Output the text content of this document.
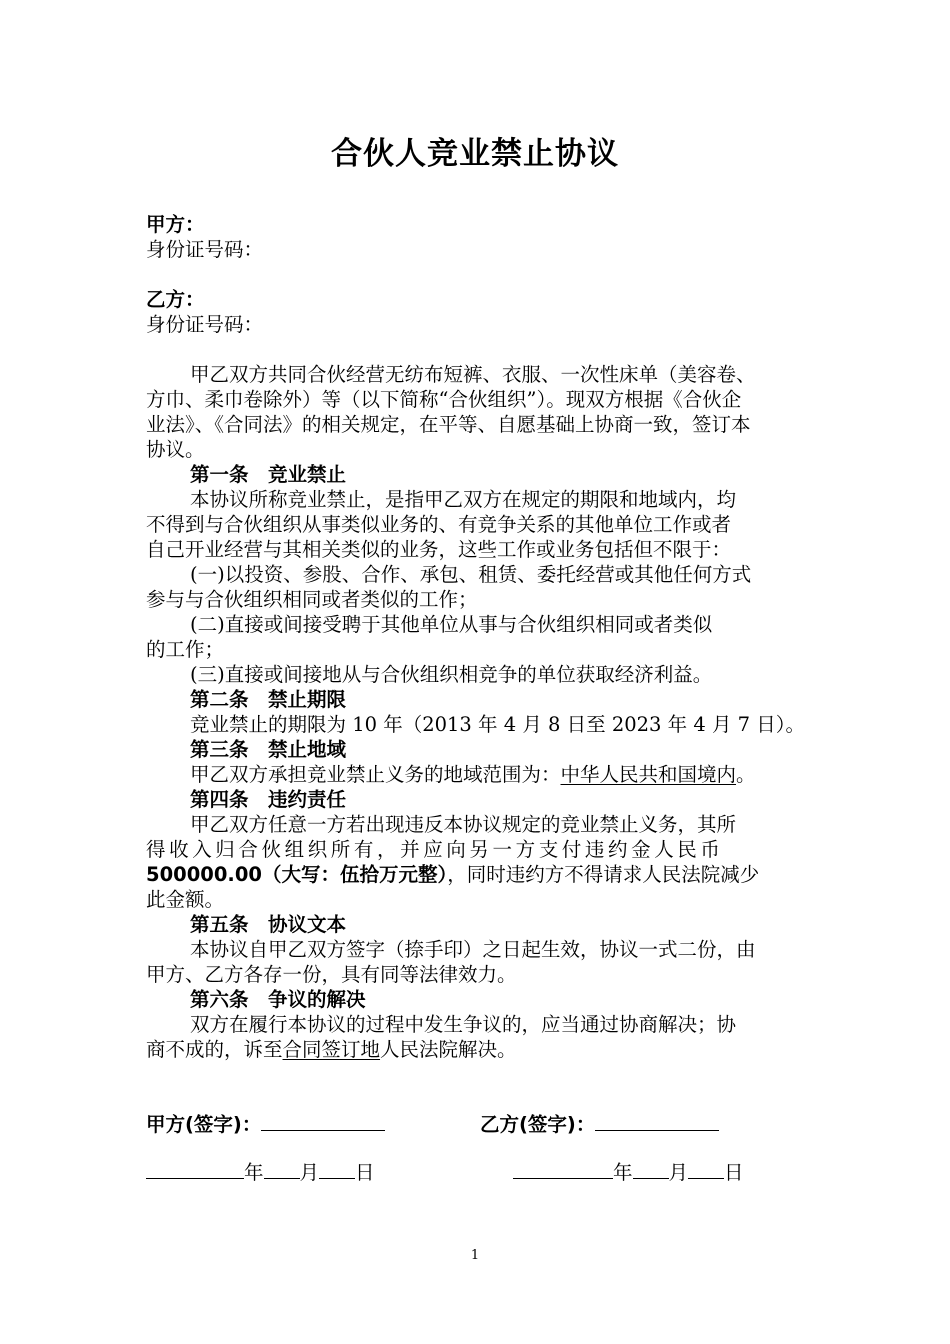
合伙人竞业禁止协议
甲方：
身份证号码：
乙方：
身份证号码：
甲乙双方共同合伙经营无纺布短裤、衣服、一次性床单（美容卷、
方巾、柔巾卷除外）等（以下简称“合伙组织”）。现双方根据《合伙企
业法》、《合同法》的相关规定，在平等、自愿基础上协商一致，签订本
协议。
第一条　竞业禁止
本协议所称竞业禁止，是指甲乙双方在规定的期限和地域内，均
不得到与合伙组织从事类似业务的、有竞争关系的其他单位工作或者
自己开业经营与其相关类似的业务，这些工作或业务包括但不限于：
(一)以投资、参股、合作、承包、租赁、委托经营或其他任何方式
参与与合伙组织相同或者类似的工作；
(二)直接或间接受聘于其他单位从事与合伙组织相同或者类似
的工作；
(三)直接或间接地从与合伙组织相竞争的单位获取经济利益。
第二条　禁止期限
竞业禁止的期限为 10 年（2013 年 4 月 8 日至 2023 年 4 月 7 日）。
第三条　禁止地域
甲乙双方承担竞业禁止义务的地域范围为：中华人民共和国境内。
第四条　违约责任
甲乙双方任意一方若出现违反本协议规定的竞业禁止义务，其所
得收入归合伙组织所有，并应向另一方支付违约金人民币
500000.00（大写：伍拾万元整），同时违约方不得请求人民法院减少
此金额。
第五条　协议文本
本协议自甲乙双方签字（捺手印）之日起生效，协议一式二份，由
甲方、乙方各存一份，具有同等法律效力。
第六条　争议的解决
双方在履行本协议的过程中发生争议的，应当通过协商解决；协
商不成的，诉至合同签订地人民法院解决。
甲方(签字)：	乙方(签字)：
年 月 日	年 月 日
1
